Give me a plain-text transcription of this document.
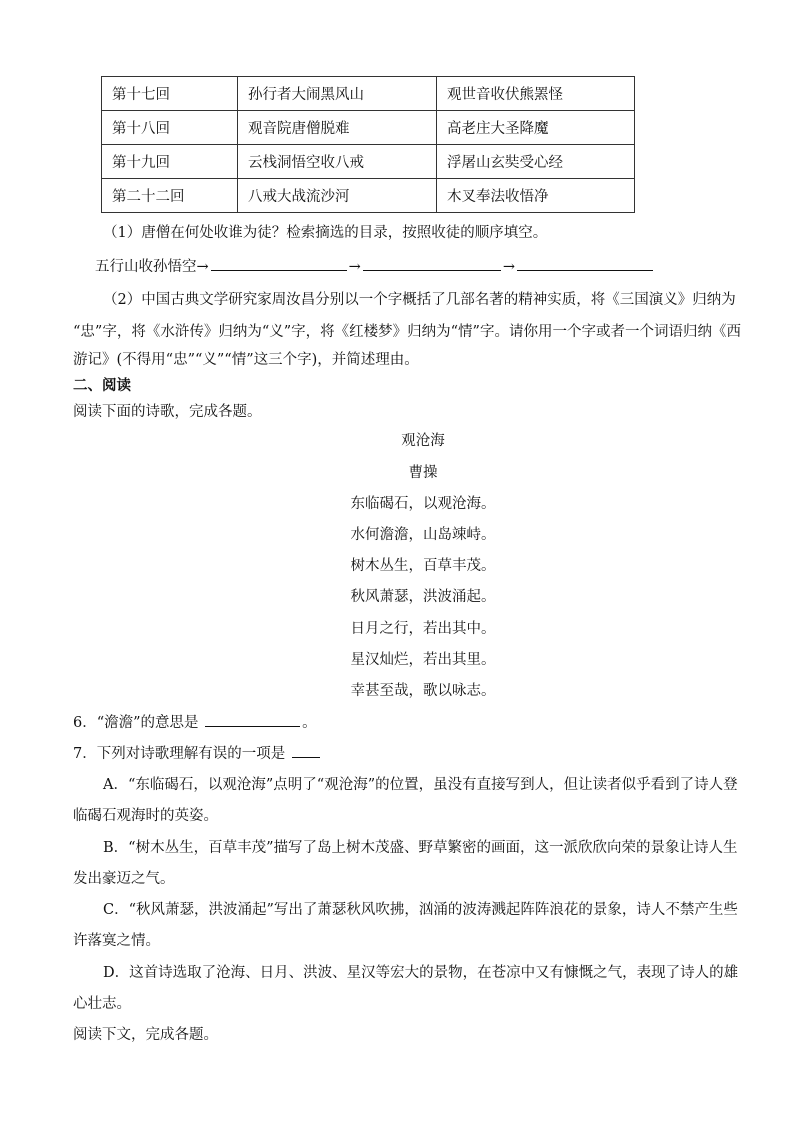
第十七回	孙行者大闹黑风山	观世音收伏熊罴怪
第十八回	观音院唐僧脱难	高老庄大圣降魔
第十九回	云栈洞悟空收八戒	浮屠山玄奘受心经
第二十二回	八戒大战流沙河	木叉奉法收悟净
（1）唐僧在何处收谁为徒？检索摘选的目录，按照收徒的顺序填空。
五行山收孙悟空→	→	→
（2）中国古典文学研究家周汝昌分别以一个字概括了几部名著的精神实质，将《三国演义》归纳为
“忠”字，将《水浒传》归纳为“义”字，将《红楼梦》归纳为“情”字。请你用一个字或者一个词语归纳《西
游记》(不得用“忠”“义”“情”这三个字)，并简述理由。
二、阅读
阅读下面的诗歌，完成各题。
观沧海
曹操
东临碣石，以观沧海。
水何澹澹，山岛竦峙。
树木丛生，百草丰茂。
秋风萧瑟，洪波涌起。
日月之行，若出其中。
星汉灿烂，若出其里。
幸甚至哉，歌以咏志。
6．“澹澹”的意思是	。
7．下列对诗歌理解有误的一项是
A．“东临碣石，以观沧海”点明了“观沧海”的位置，虽没有直接写到人，但让读者似乎看到了诗人登
临碣石观海时的英姿。
B．“树木丛生，百草丰茂”描写了岛上树木茂盛、野草繁密的画面，这一派欣欣向荣的景象让诗人生
发出豪迈之气。
C．“秋风萧瑟，洪波涌起”写出了萧瑟秋风吹拂，汹涌的波涛溅起阵阵浪花的景象，诗人不禁产生些
许落寞之情。
D．这首诗选取了沧海、日月、洪波、星汉等宏大的景物，在苍凉中又有慷慨之气，表现了诗人的雄
心壮志。
阅读下文，完成各题。
